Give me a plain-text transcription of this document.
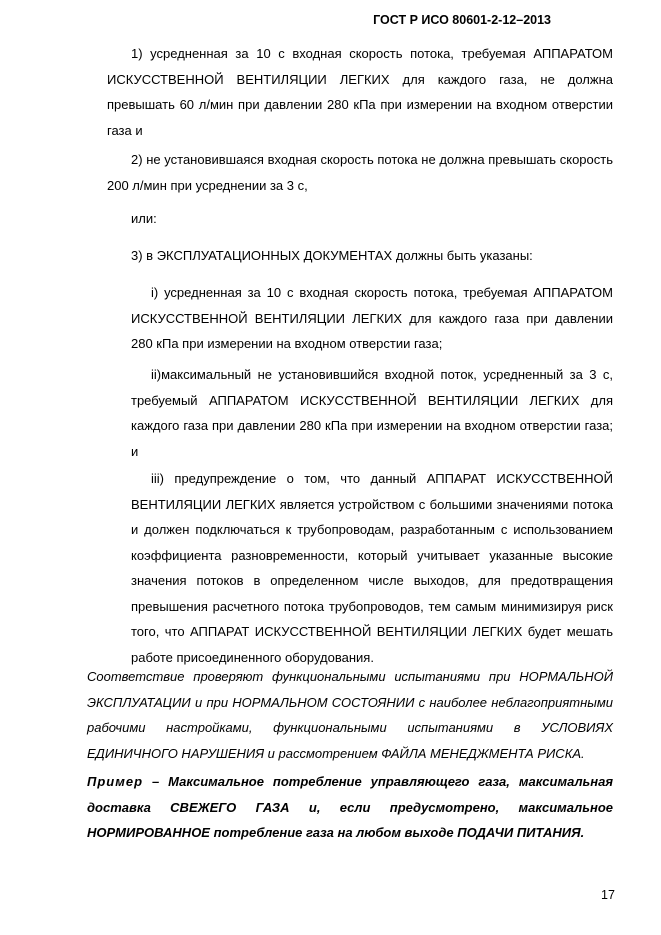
ГОСТ Р ИСО 80601-2-12–2013
1) усредненная за 10 с входная скорость потока, требуемая АППАРАТОМ ИСКУССТВЕННОЙ ВЕНТИЛЯЦИИ ЛЕГКИХ для каждого газа, не должна превышать 60 л/мин при давлении 280 кПа при измерении на входном отверстии газа и
2) не установившаяся входная скорость потока не должна превышать скорость 200 л/мин при усреднении за 3 с,
или:
3) в ЭКСПЛУАТАЦИОННЫХ ДОКУМЕНТАХ должны быть указаны:
i) усредненная за 10 с входная скорость потока, требуемая АППАРАТОМ ИСКУССТВЕННОЙ ВЕНТИЛЯЦИИ ЛЕГКИХ для каждого газа при давлении 280 кПа при измерении на входном отверстии газа;
ii)максимальный не установившийся входной поток, усредненный за 3 с, требуемый АППАРАТОМ ИСКУССТВЕННОЙ ВЕНТИЛЯЦИИ ЛЕГКИХ для каждого газа при давлении 280 кПа при измерении на входном отверстии газа; и
iii) предупреждение о том, что данный АППАРАТ ИСКУССТВЕННОЙ ВЕНТИЛЯЦИИ ЛЕГКИХ является устройством с большими значениями потока и должен подключаться к трубопроводам, разработанным с использованием коэффициента разновременности, который учитывает указанные высокие значения потоков в определенном числе выходов, для предотвращения превышения расчетного потока трубопроводов, тем самым минимизируя риск того, что АППАРАТ ИСКУССТВЕННОЙ ВЕНТИЛЯЦИИ ЛЕГКИХ будет мешать работе присоединенного оборудования.
Соответствие проверяют функциональными испытаниями при НОРМАЛЬНОЙ ЭКСПЛУАТАЦИИ и при НОРМАЛЬНОМ СОСТОЯНИИ с наиболее неблагоприятными рабочими настройками, функциональными испытаниями в УСЛОВИЯХ ЕДИНИЧНОГО НАРУШЕНИЯ и рассмотрением ФАЙЛА МЕНЕДЖМЕНТА РИСКА.
Пример – Максимальное потребление управляющего газа, максимальная доставка СВЕЖЕГО ГАЗА и, если предусмотрено, максимальное НОРМИРОВАННОЕ потребление газа на любом выходе ПОДАЧИ ПИТАНИЯ.
17
